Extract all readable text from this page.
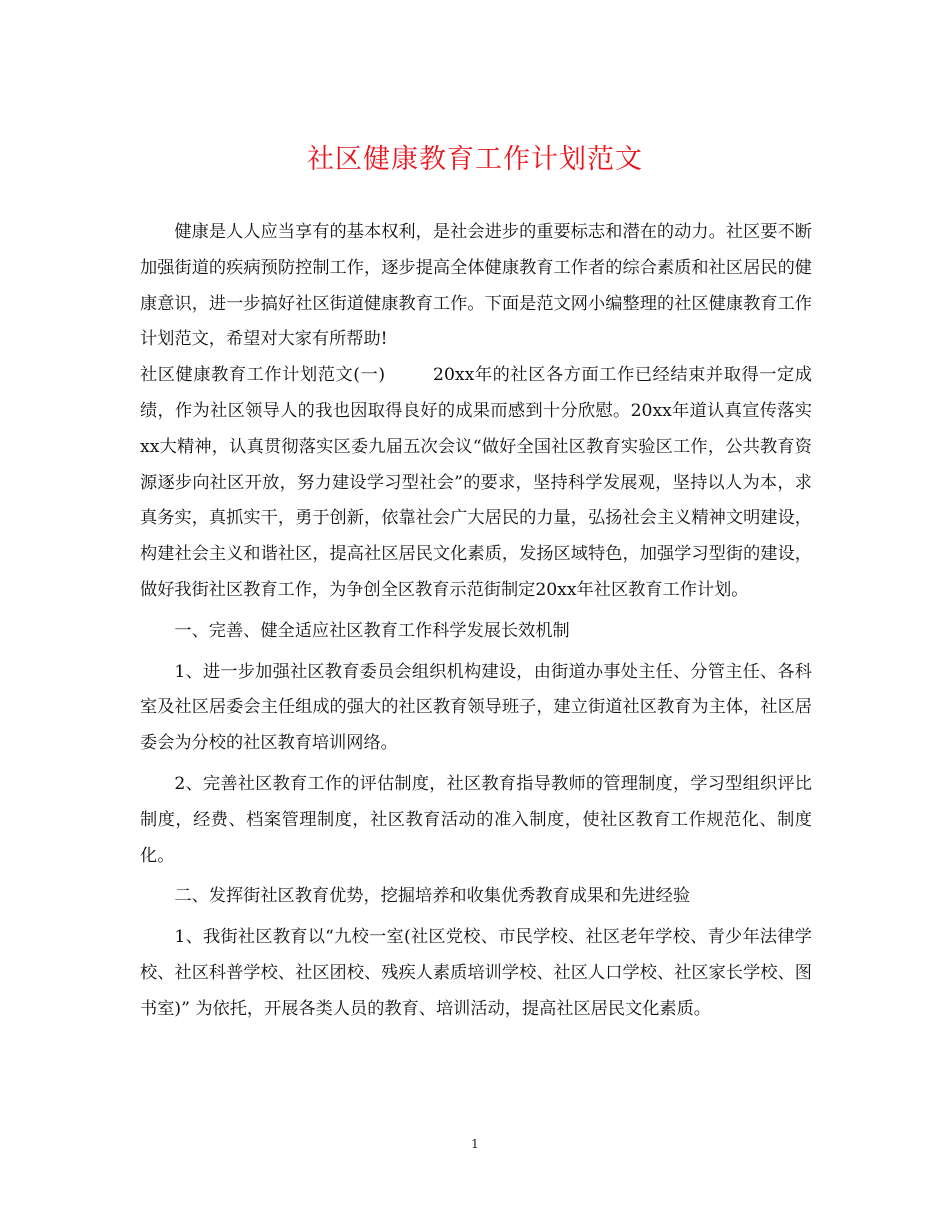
社区健康教育工作计划范文

健康是人人应当享有的基本权利，是社会进步的重要标志和潜在的动力。社区要不断加强街道的疾病预防控制工作，逐步提高全体健康教育工作者的综合素质和社区居民的健康意识，进一步搞好社区街道健康教育工作。下面是范文网小编整理的社区健康教育工作计划范文，希望对大家有所帮助!

社区健康教育工作计划范文(一)	20xx年的社区各方面工作已经结束并取得一定成绩，作为社区领导人的我也因取得良好的成果而感到十分欣慰。20xx年道认真宣传落实xx大精神，认真贯彻落实区委九届五次会议“做好全国社区教育实验区工作，公共教育资源逐步向社区开放，努力建设学习型社会”的要求，坚持科学发展观，坚持以人为本，求真务实，真抓实干，勇于创新，依靠社会广大居民的力量，弘扬社会主义精神文明建设，构建社会主义和谐社区，提高社区居民文化素质，发扬区域特色，加强学习型街的建设，做好我街社区教育工作，为争创全区教育示范街制定20xx年社区教育工作计划。

一、完善、健全适应社区教育工作科学发展长效机制

1、进一步加强社区教育委员会组织机构建设，由街道办事处主任、分管主任、各科室及社区居委会主任组成的强大的社区教育领导班子，建立街道社区教育为主体，社区居委会为分校的社区教育培训网络。

2、完善社区教育工作的评估制度，社区教育指导教师的管理制度，学习型组织评比制度，经费、档案管理制度，社区教育活动的准入制度，使社区教育工作规范化、制度化。

二、发挥街社区教育优势，挖掘培养和收集优秀教育成果和先进经验

1、我街社区教育以“九校一室(社区党校、市民学校、社区老年学校、青少年法律学校、社区科普学校、社区团校、残疾人素质培训学校、社区人口学校、社区家长学校、图书室)” 为依托，开展各类人员的教育、培训活动，提高社区居民文化素质。

1
